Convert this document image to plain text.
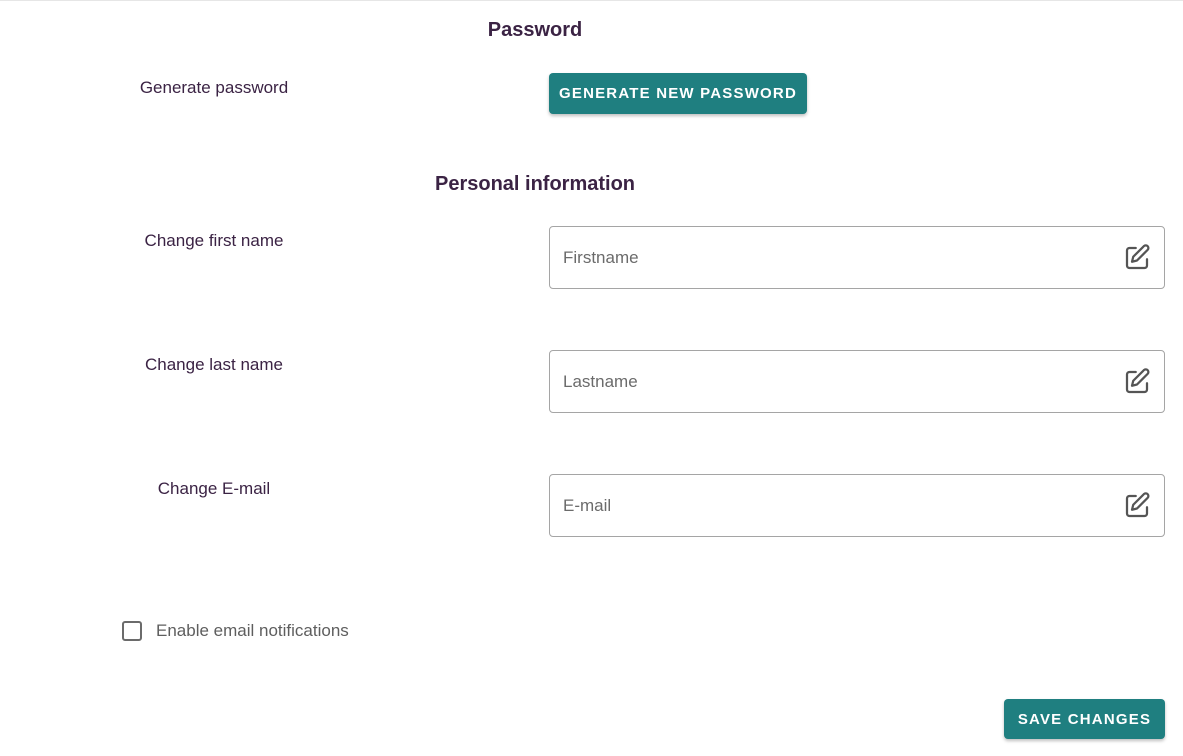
Password
Generate password	GENERATE NEW PASSWORD
Personal information
Change first name
Firstname
Change last name
Lastname
Change E-mail
E-mail
Enable email notifications
SAVE CHANGES
